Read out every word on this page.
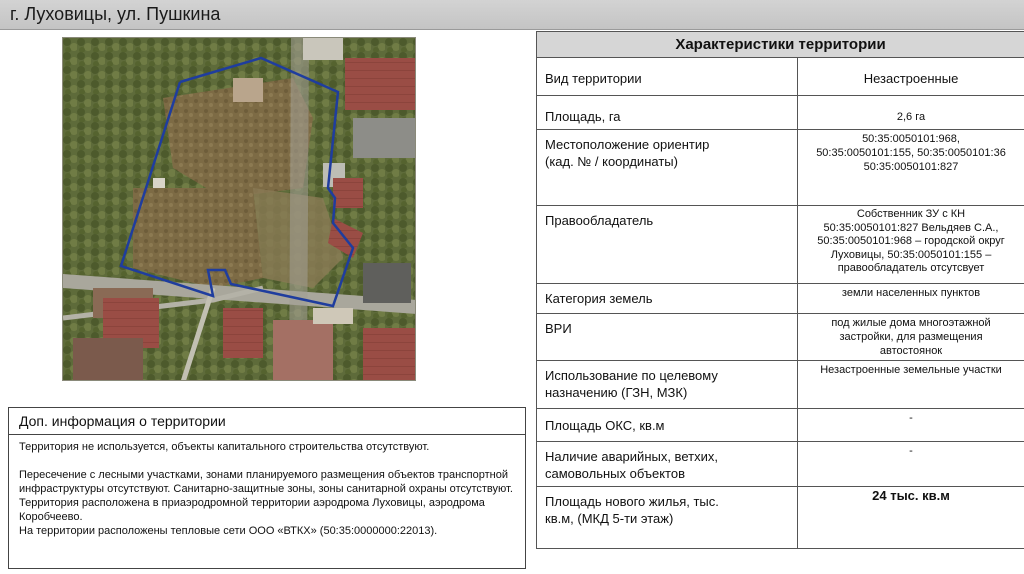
г. Луховицы, ул. Пушкина
Доп. информация о территории

Территория не используется, объекты капитального строительства отсутствуют.

Пересечение с лесными участками, зонами планируемого размещения объектов транспортной инфраструктуры отсутствуют. Санитарно-защитные зоны, зоны санитарной охраны отсутствуют. Территория расположена в приаэродромной территории аэродрома Луховицы, аэродрома Коробчеево.
На территории расположены тепловые сети ООО «ВТКХ» (50:35:0000000:22013).

Характеристики территории	
Вид территории	Незастроенные
Площадь, га	2,6 га
Местоположение ориентир
(кад. № / координаты)	50:35:0050101:968,
50:35:0050101:155, 50:35:0050101:36
50:35:0050101:827
Правообладатель	Собственник ЗУ с КН
50:35:0050101:827 Вельдяев С.А.,
50:35:0050101:968 – городской округ
Луховицы, 50:35:0050101:155 –
правообладатель отсутсвует
Категория земель	земли населенных пунктов
ВРИ	под жилые дома многоэтажной
застройки, для размещения
автостоянок
Использование по целевому
назначению (ГЗН, МЗК)	Незастроенные земельные участки
Площадь ОКС, кв.м	-
Наличие аварийных, ветхих,
самовольных объектов	-
Площадь нового жилья, тыс.
кв.м, (МКД 5-ти этаж)	24 тыс. кв.м
